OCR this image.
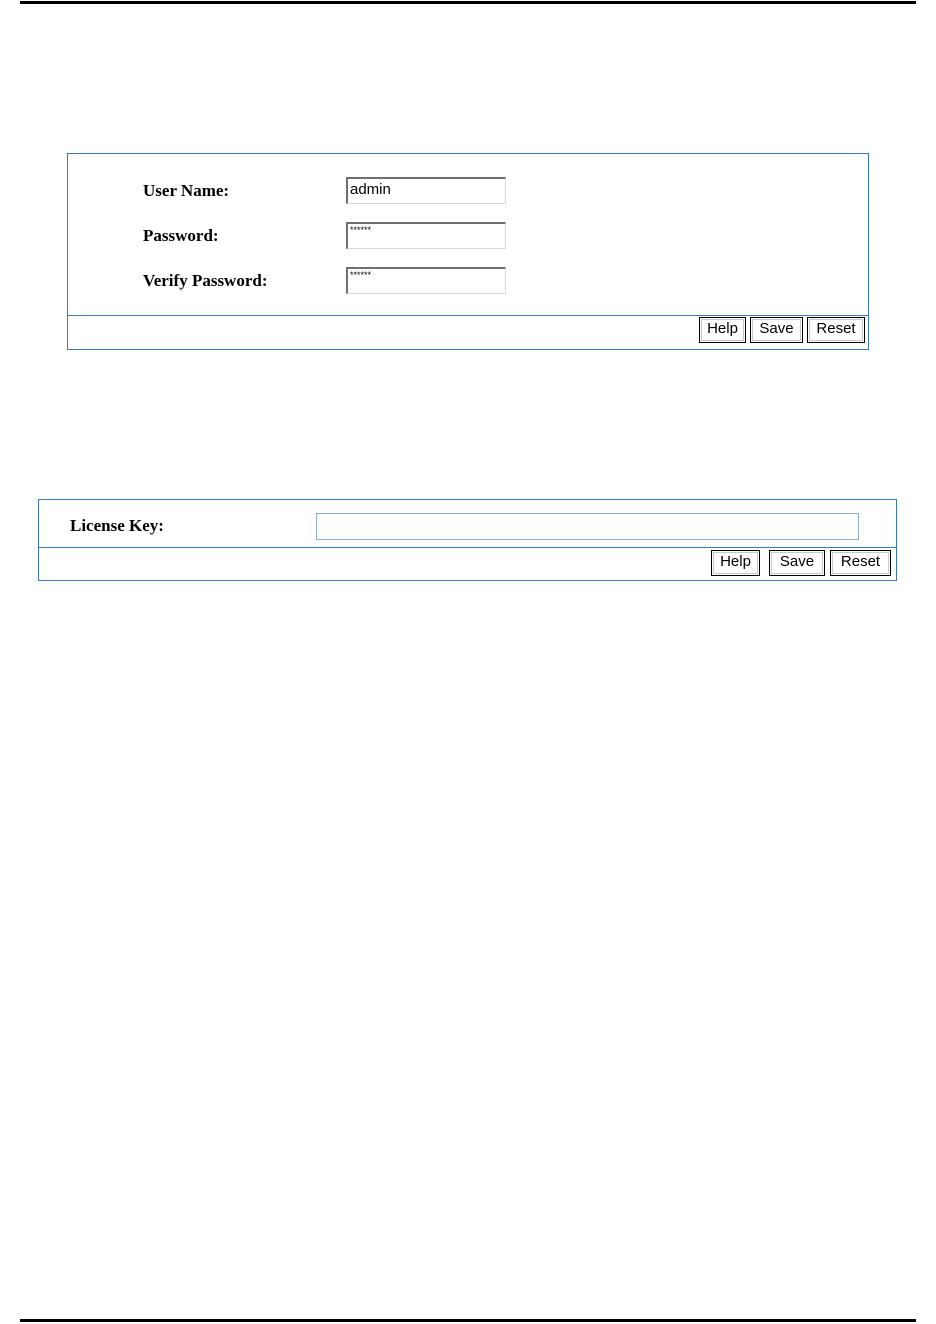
User Name:	admin
Password:	******
Verify Password:	******
Help	Save	Reset
License Key:
Help	Save	Reset
